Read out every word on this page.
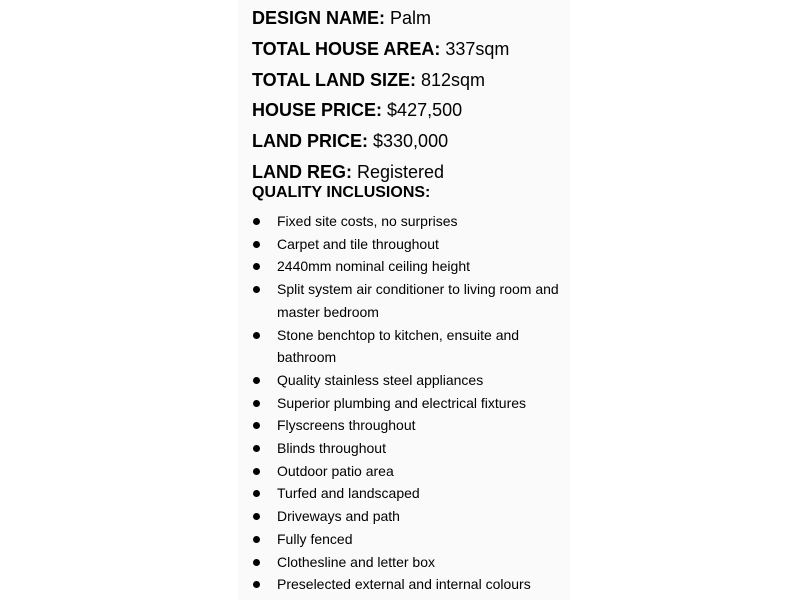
DESIGN NAME: Palm
TOTAL HOUSE AREA: 337sqm
TOTAL LAND SIZE: 812sqm
HOUSE PRICE: $427,500
LAND PRICE: $330,000
LAND REG: Registered
QUALITY INCLUSIONS:
Fixed site costs, no surprises
Carpet and tile throughout
2440mm nominal ceiling height
Split system air conditioner to living room and master bedroom
Stone benchtop to kitchen, ensuite and bathroom
Quality stainless steel appliances
Superior plumbing and electrical fixtures
Flyscreens throughout
Blinds throughout
Outdoor patio area
Turfed and landscaped
Driveways and path
Fully fenced
Clothesline and letter box
Preselected external and internal colours
